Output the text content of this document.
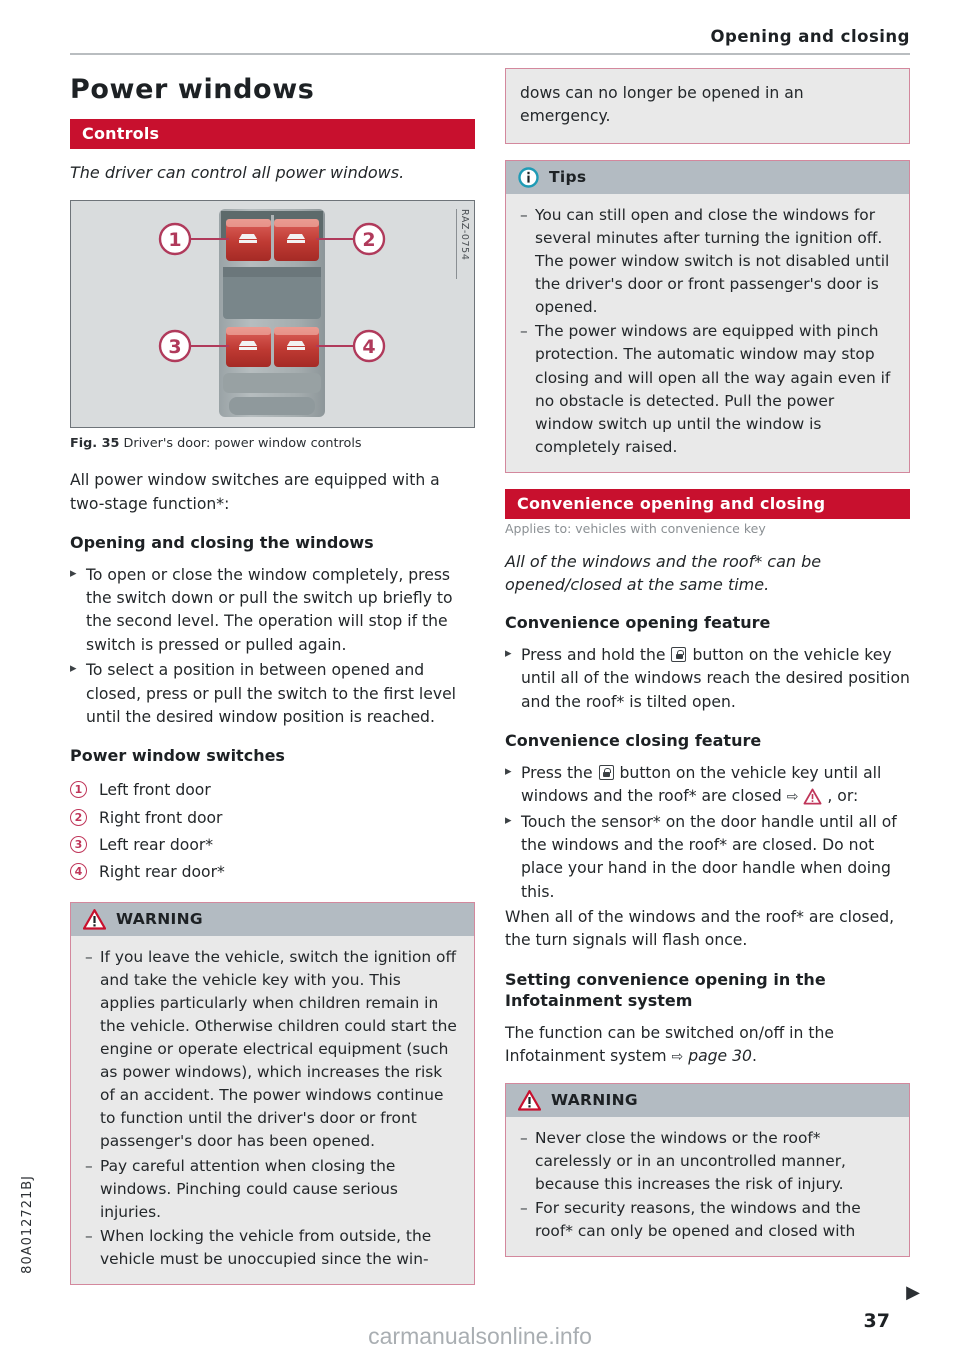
Opening and closing
Power windows
Controls

The driver can control all power windows.

1	2
3	4
RAZ-0754
Fig. 35 Driver's door: power window controls

All power window switches are equipped with a two-stage function*:

Opening and closing the windows
▸ To open or close the window completely, press the switch down or pull the switch up briefly to the second level. The operation will stop if the switch is pressed or pulled again.
▸ To select a position in between opened and closed, press or pull the switch to the first level until the desired window position is reached.
Power window switches
1 Left front door
2 Right front door
3 Left rear door*
4 Right rear door*
WARNING
– If you leave the vehicle, switch the ignition off and take the vehicle key with you. This applies particularly when children remain in the vehicle. Otherwise children could start the engine or operate electrical equipment (such as power windows), which increases the risk of an accident. The power windows continue to function until the driver's door or front passenger's door has been opened.
– Pay careful attention when closing the windows. Pinching could cause serious injuries.
– When locking the vehicle from outside, the vehicle must be unoccupied since the win-

dows can no longer be opened in an emergency.

Tips
– You can still open and close the windows for several minutes after turning the ignition off. The power window switch is not disabled until the driver's door or front passenger's door is opened.
– The power windows are equipped with pinch protection. The automatic window may stop closing and will open all the way again even if no obstacle is detected. Pull the power window switch up until the window is completely raised.
Convenience opening and closing
Applies to: vehicles with convenience key

All of the windows and the roof* can be opened/closed at the same time.

Convenience opening feature
▸ Press and hold the button on the vehicle key until all of the windows reach the desired position and the roof* is tilted open.
Convenience closing feature
▸ Press the button on the vehicle key until all windows and the roof* are closed ⇨ , or:
▸ Touch the sensor* on the door handle until all of the windows and the roof* are closed. Do not place your hand in the door handle when doing this.

When all of the windows and the roof* are closed, the turn signals will flash once.

Setting convenience opening in the Infotainment system

The function can be switched on/off in the Infotainment system ⇨ page 30.

WARNING
– Never close the windows or the roof* carelessly or in an uncontrolled manner, because this increases the risk of injury.
– For security reasons, the windows and the roof* can only be opened and closed with
▶
80A012721BJ
37
carmanualsonline.info
